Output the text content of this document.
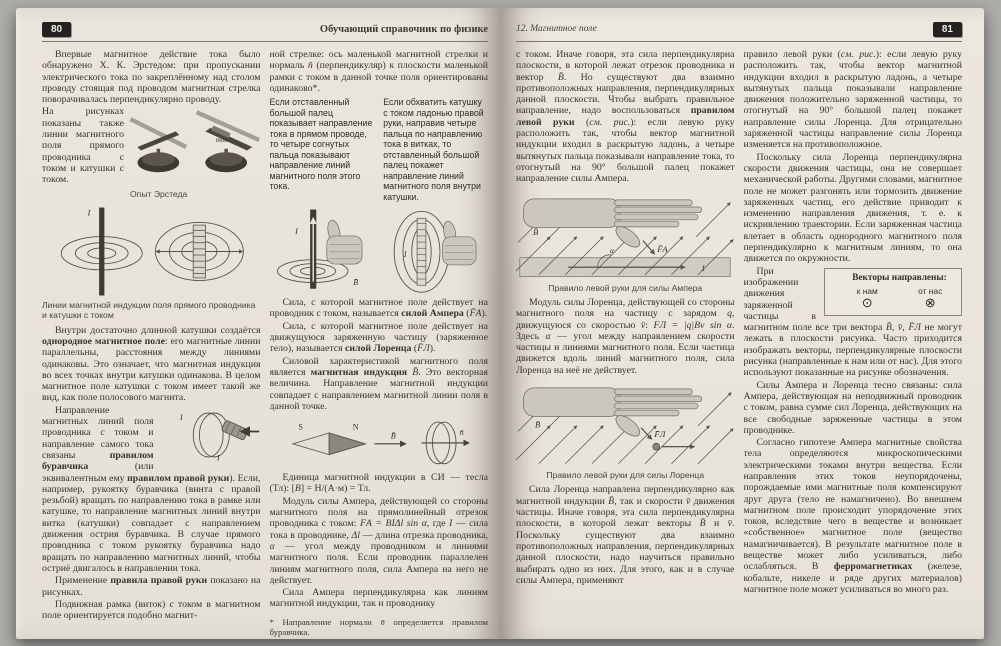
80	Обучающий справочник по физике

Впервые магнитное действие тока было обнаружено Х. К. Эрстедом: при пропускании электрического тока по закреплённому над столом проводу стоящая под проводом магнитная стрелка поворачивалась перпендикулярно проводу.

На рисунках показаны также линии магнитного поля прямого проводника с током и катушки с током.

ток
Опыт Эрстеда
I
Линии магнитной индукции поля прямого проводника и катушки с током

Внутри достаточно длинной катушки создаётся однородное магнитное поле: его магнитные линии параллельны, расстояния между линиями одинаковы. Это означает, что магнитная индукция во всех точках внутри катушки одинакова. В целом магнитное поле катушки с током имеет такой же вид, как поле полосового магнита.

I
I
Направление магнитных линий поля проводника с током и направление самого тока связаны правилом буравчика (или эквивалентным ему правилом правой руки). Если, например, рукоятку буравчика (винта с правой резьбой) вращать по направлению тока в рамке или катушке, то направление магнитных линий внутри витка (катушки) совпадает с направлением движения острия буравчика. В случае прямого проводника с током рукоятку буравчика надо вращать по направлению магнитных линий, чтобы остриё двигалось в направлении тока.

Применение правила правой руки показано на рисунках.

Подвижная рамка (виток) с током в магнитном поле ориентируется подобно магнит-

ной стрелке: ось маленькой магнитной стрелки и нормаль n̄ (перпендикуляр) к плоскости маленькой рамки с током в данной точке поля ориентированы одинаково*.

Если отставленный большой палец показывает направление тока в прямом проводе, то четыре согнутых пальца показывают направление линий магнитного поля этого тока.
Если обхватить катушку с током ладонью правой руки, направив четыре пальца по направлению тока в витках, то отставленный большой палец покажет направление линий магнитного поля внутри катушки.
I
B̄
I

Сила, с которой магнитное поле действует на проводник с током, называется силой Ампера (F̄А).

Сила, с которой магнитное поле действует на движущуюся заряженную частицу (заряженное тело), называется силой Лоренца (F̄Л).

Силовой характеристикой магнитного поля является магнитная индукция B̄. Это векторная величина. Направление магнитной индукции совпадает с направлением магнитной линии поля в данной точке.

S	N
B̄	n̄

Единица магнитной индукции в СИ — тесла (Тл): [B] = Н/(А·м) = Тл.

Модуль силы Ампера, действующей со стороны магнитного поля на прямолинейный отрезок проводника с током: FА = BIΔl sin α, где I — сила тока в проводнике, Δl — длина отрезка проводника, α — угол между проводником и линиями магнитного поля. Если проводник параллелен линиям магнитного поля, сила Ампера на него не действует.

Сила Ампера перпендикулярна как линиям магнитной индукции, так и проводнику

* Направление нормали n̄ определяется правилом буравчика.
12. Магнитное поле	81

с током. Иначе говоря, эта сила перпендикулярна плоскости, в которой лежат отрезок проводника и вектор B̄. Но существуют два взаимно противоположных направления, перпендикулярных данной плоскости. Чтобы выбрать правильное направление, надо воспользоваться правилом левой руки (см. рис.): если левую руку расположить так, чтобы вектор магнитной индукции входил в раскрытую ладонь, а четыре вытянутых пальца показывали направление тока, то отогнутый на 90° большой палец покажет направление силы Ампера.

I
α
B̄
F̄А
Правило левой руки для силы Ампера

Модуль силы Лоренца, действующей со стороны магнитного поля на частицу с зарядом q, движущуюся со скоростью v̄: FЛ = |q|Bv sin α. Здесь α — угол между направлением скорости частицы и линиями магнитного поля. Если частица движется вдоль линий магнитного поля, сила Лоренца на неё не действует.

B̄
F̄Л
Правило левой руки для силы Лоренца

Сила Лоренца направлена перпендикулярно как магнитной индукции B̄, так и скорости v̄ движения частицы. Иначе говоря, эта сила перпендикулярна плоскости, в которой лежат векторы B̄ и v̄. Поскольку существуют два взаимно противоположных направления, перпендикулярных данной плоскости, надо научиться правильно выбирать одно из них. Для этого, как и в случае силы Ампера, применяют

правило левой руки (см. рис.): если левую руку расположить так, чтобы вектор магнитной индукции входил в раскрытую ладонь, а четыре вытянутых пальца показывали направление движения положительно заряженной частицы, то отогнутый на 90° большой палец покажет направление силы Лоренца. Для отрицательно заряженной частицы направление силы Лоренца изменяется на противоположное.

Поскольку сила Лоренца перпендикулярна скорости движения частицы, она не совершает механической работы. Другими словами, магнитное поле не может разгонять или тормозить движение заряженных частиц, его действие приводит к изменению направления движения, т. е. к искривлению траектории. Если заряженная частица влетает в область однородного магнитного поля перпендикулярно к магнитным линиям, то она движется по окружности.

Векторы направлены:
к нам
⊙
от нас
⊗
При изображении движения заряженной частицы в магнитном поле все три вектора B̄, v̄, F̄Л не могут лежать в плоскости рисунка. Часто приходится изображать векторы, перпендикулярные плоскости рисунка (направленные к нам или от нас). Для этого используют показанные на рисунке обозначения.

Силы Ампера и Лоренца тесно связаны: сила Ампера, действующая на неподвижный проводник с током, равна сумме сил Лоренца, действующих на все свободные заряженные частицы в этом проводнике.

Согласно гипотезе Ампера магнитные свойства тела определяются микроскопическими электрическими токами внутри вещества. Если направления этих токов неупорядочены, порождаемые ими магнитные поля компенсируют друг друга (тело не намагничено). Во внешнем магнитном поле происходит упорядочение этих токов, вследствие чего в веществе и возникает «собственное» магнитное поле (вещество намагничивается). В результате магнитное поле в веществе может либо усиливаться, либо ослабляться. В ферромагнетиках (железе, кобальте, никеле и ряде других материалов) магнитное поле может усиливаться во много раз.
